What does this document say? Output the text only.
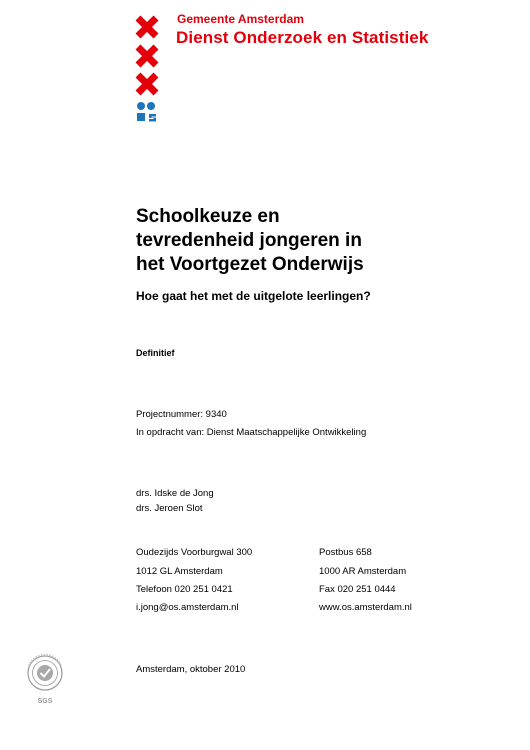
Gemeente Amsterdam
Dienst Onderzoek en Statistiek
Schoolkeuze en
tevredenheid jongeren in
het Voortgezet Onderwijs
Hoe gaat het met de uitgelote leerlingen?
Definitief
Projectnummer: 9340
In opdracht van: Dienst Maatschappelijke Ontwikkeling
drs. Idske de Jong
drs. Jeroen Slot
Oudezijds Voorburgwal 300
1012 GL Amsterdam
Telefoon 020 251 0421
i.jong@os.amsterdam.nl
Postbus 658
1000 AR Amsterdam
Fax 020 251 0444
www.os.amsterdam.nl
Amsterdam, oktober 2010
SGS
